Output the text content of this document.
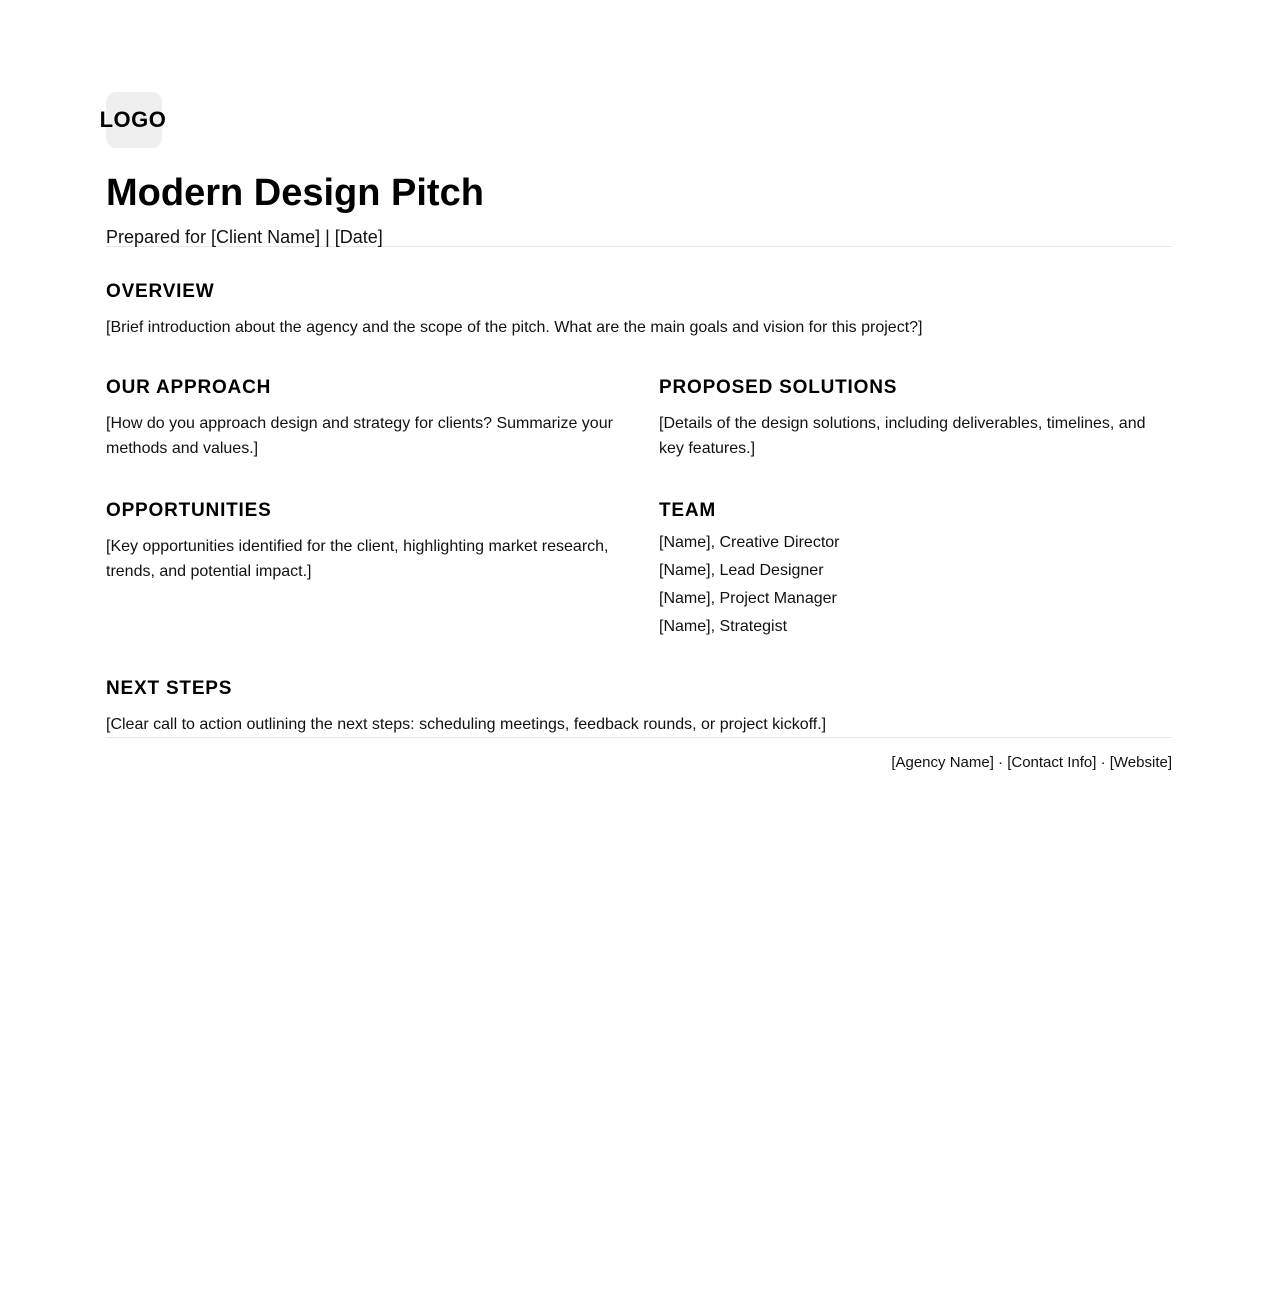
LOGO
Modern Design Pitch
Prepared for [Client Name] | [Date]
OVERVIEW

[Brief introduction about the agency and the scope of the pitch. What are the main goals and vision for this project?]

OUR APPROACH

[How do you approach design and strategy for clients? Summarize your methods and values.]

PROPOSED SOLUTIONS

[Details of the design solutions, including deliverables, timelines, and key features.]

OPPORTUNITIES

[Key opportunities identified for the client, highlighting market research, trends, and potential impact.]

TEAM
[Name], Creative Director
[Name], Lead Designer
[Name], Project Manager
[Name], Strategist
NEXT STEPS

[Clear call to action outlining the next steps: scheduling meetings, feedback rounds, or project kickoff.]

[Agency Name] · [Contact Info] · [Website]
